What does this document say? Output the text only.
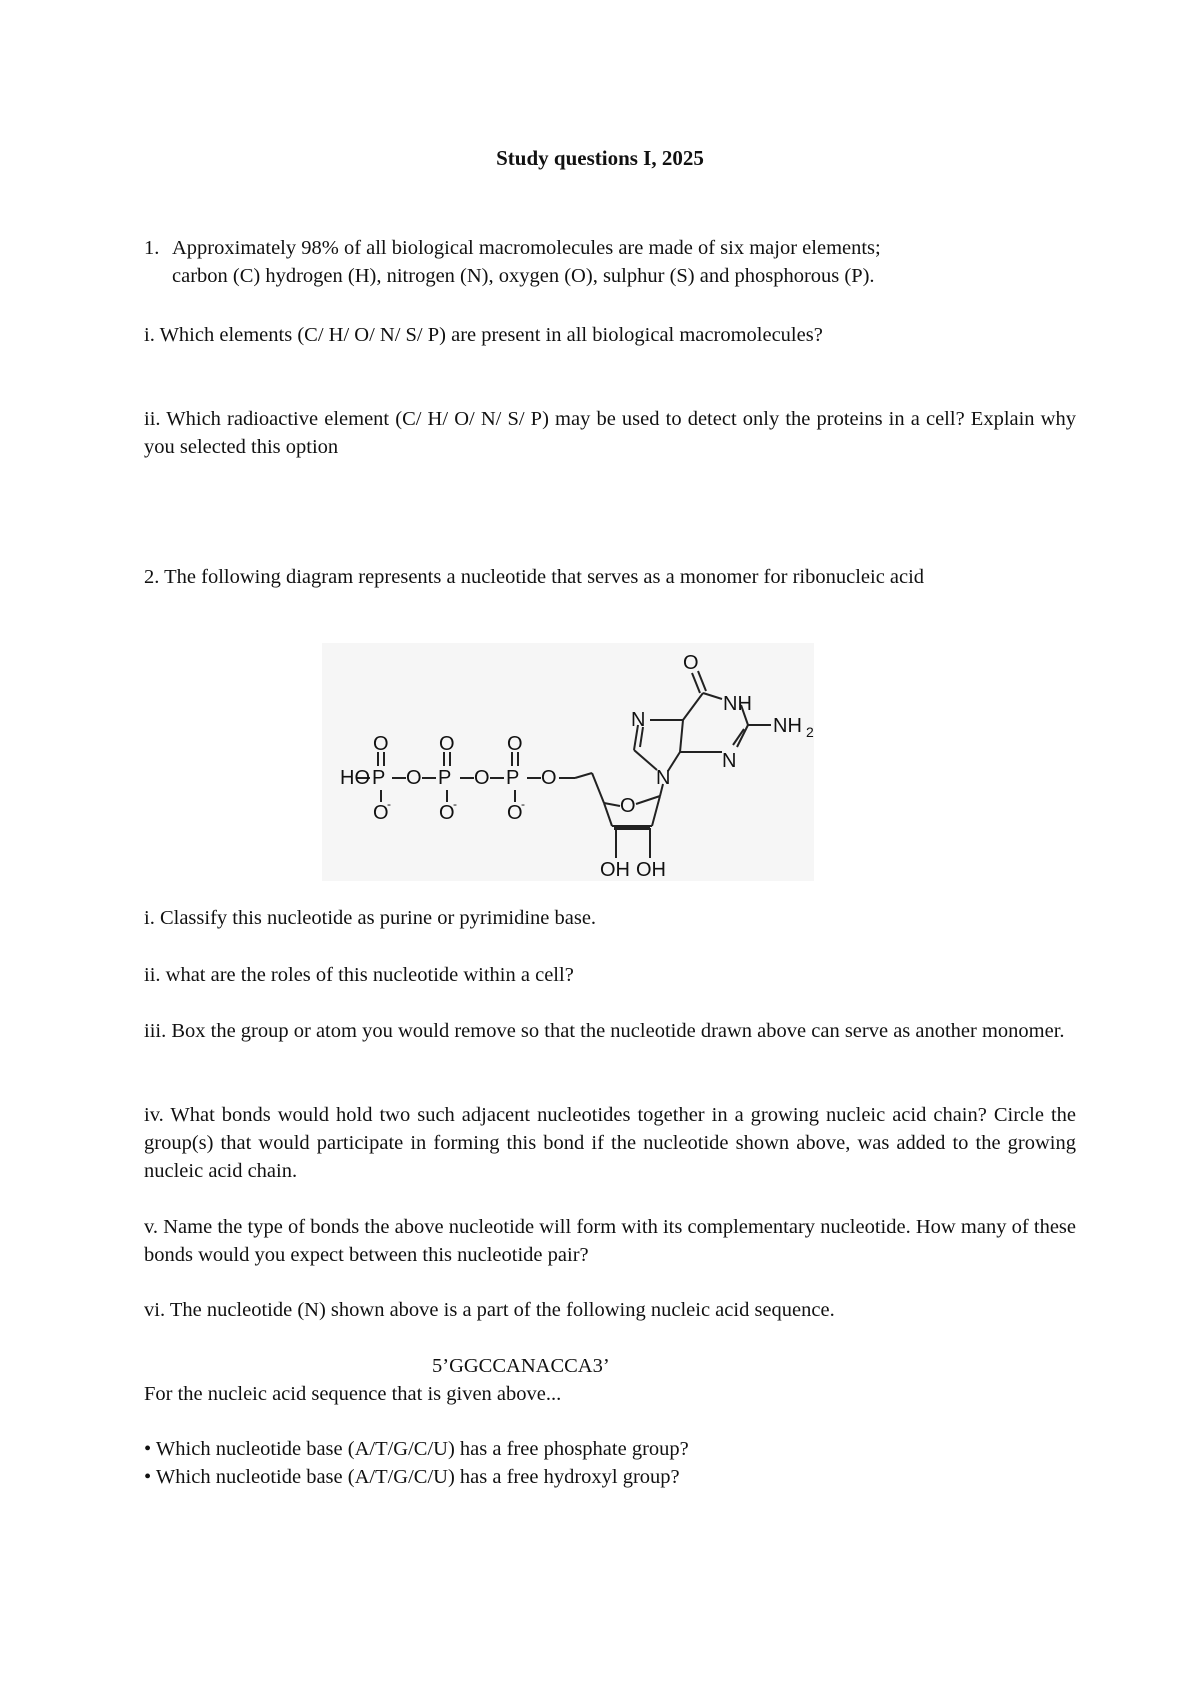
Study questions I, 2025
1. Approximately 98% of all biological macromolecules are made of six major elements;
carbon (C) hydrogen (H), nitrogen (N), oxygen (O), sulphur (S) and phosphorous (P).
i. Which elements (C/ H/ O/ N/ S/ P) are present in all biological macromolecules?
ii. Which radioactive element (C/ H/ O/ N/ S/ P) may be used to detect only the proteins in a cell? Explain why you selected this option
2. The following diagram represents a nucleotide that serves as a monomer for ribonucleic acid
HO P O P O P O
O	O	O
O	O	O
-	-	-	O
N
N
N
NH
O
NH 2
OH OH
i. Classify this nucleotide as purine or pyrimidine base.
ii. what are the roles of this nucleotide within a cell?
iii. Box the group or atom you would remove so that the nucleotide drawn above can serve as another monomer.
iv. What bonds would hold two such adjacent nucleotides together in a growing nucleic acid chain? Circle the group(s) that would participate in forming this bond if the nucleotide shown above, was added to the growing nucleic acid chain.
v. Name the type of bonds the above nucleotide will form with its complementary nucleotide. How many of these bonds would you expect between this nucleotide pair?
vi. The nucleotide (N) shown above is a part of the following nucleic acid sequence.
5’GGCCANACCA3’
For the nucleic acid sequence that is given above...
• Which nucleotide base (A/T/G/C/U) has a free phosphate group?
• Which nucleotide base (A/T/G/C/U) has a free hydroxyl group?
